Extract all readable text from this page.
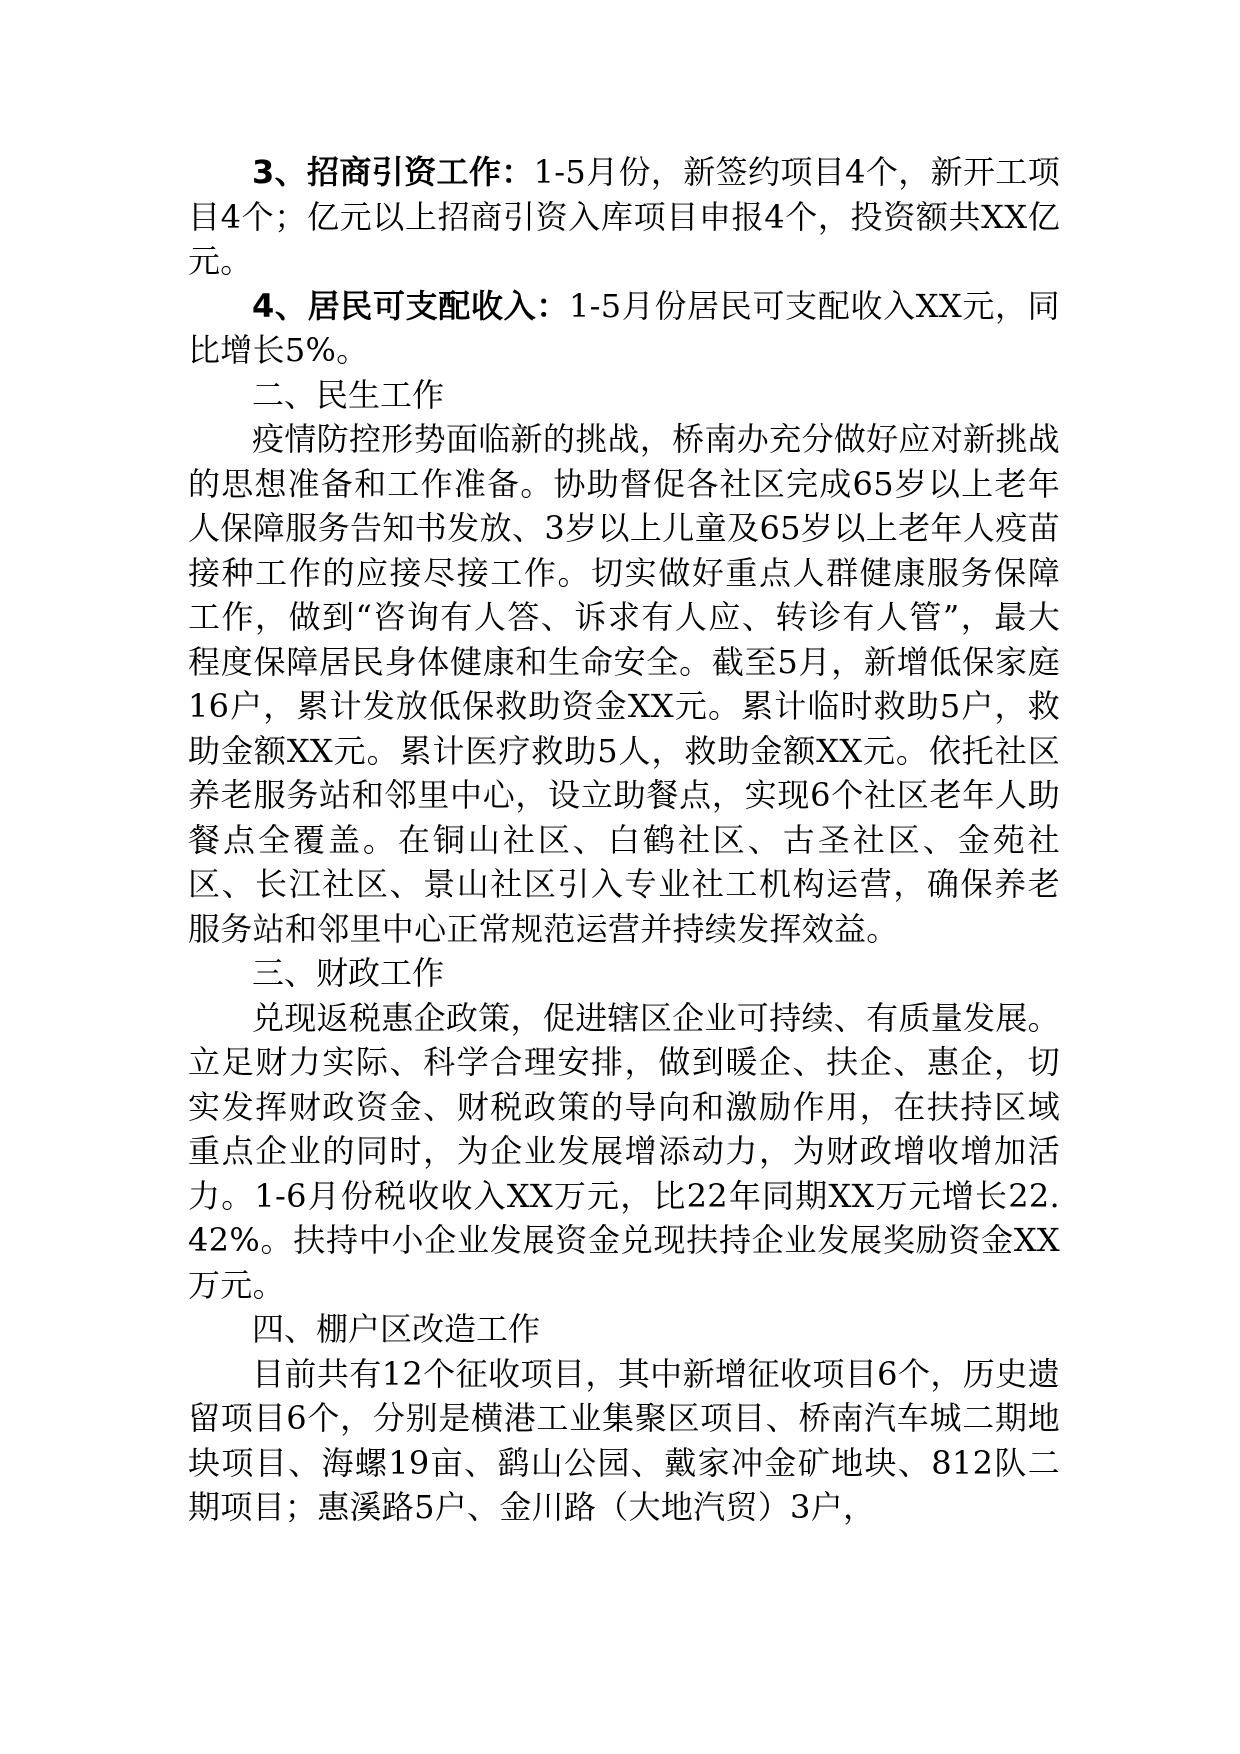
3、招商引资工作：1-5月份，新签约项目4个，新开工项目4个；亿元以上招商引资入库项目申报4个，投资额共XX亿元。

4、居民可支配收入：1-5月份居民可支配收入XX元，同比增长5%。

二、民生工作

疫情防控形势面临新的挑战，桥南办充分做好应对新挑战的思想准备和工作准备。协助督促各社区完成65岁以上老年人保障服务告知书发放、3岁以上儿童及65岁以上老年人疫苗接种工作的应接尽接工作。切实做好重点人群健康服务保障工作，做到“咨询有人答、诉求有人应、转诊有人管”，最大程度保障居民身体健康和生命安全。截至5月，新增低保家庭16户，累计发放低保救助资金XX元。累计临时救助5户，救助金额XX元。累计医疗救助5人，救助金额XX元。依托社区养老服务站和邻里中心，设立助餐点，实现6个社区老年人助餐点全覆盖。在铜山社区、白鹤社区、古圣社区、金苑社区、长江社区、景山社区引入专业社工机构运营，确保养老服务站和邻里中心正常规范运营并持续发挥效益。

三、财政工作

兑现返税惠企政策，促进辖区企业可持续、有质量发展。立足财力实际、科学合理安排，做到暖企、扶企、惠企，切实发挥财政资金、财税政策的导向和激励作用，在扶持区域重点企业的同时，为企业发展增添动力，为财政增收增加活力。1-6月份税收收入XX万元，比22年同期XX万元增长22.42%。扶持中小企业发展资金兑现扶持企业发展奖励资金XX万元。

四、棚户区改造工作

目前共有12个征收项目，其中新增征收项目6个，历史遗留项目6个，分别是横港工业集聚区项目、桥南汽车城二期地块项目、海螺19亩、鹞山公园、戴家冲金矿地块、812队二期项目；惠溪路5户、金川路（大地汽贸）3户，
